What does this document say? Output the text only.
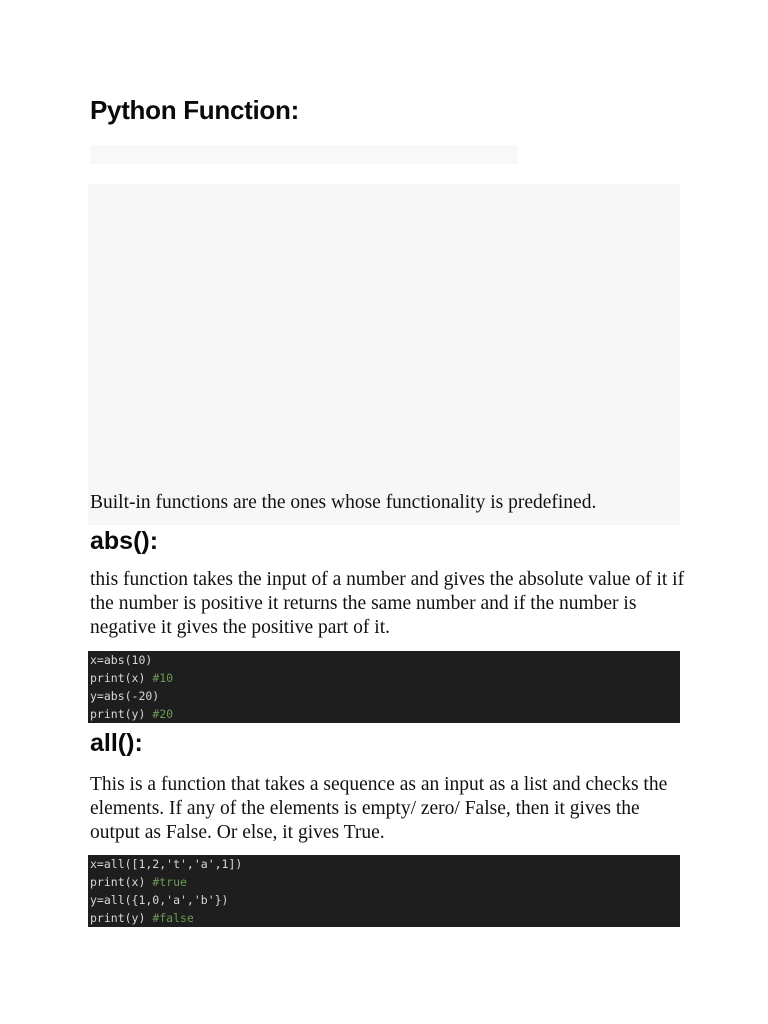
Python Function:

Built-in functions are the ones whose functionality is predefined.

abs():

this function takes the input of a number and gives the absolute value of it if the number is positive it returns the same number and if the number is negative it gives the positive part of it.

x=abs(10)
print(x) #10
y=abs(-20)
print(y) #20
all():

This is a function that takes a sequence as an input as a list and checks the elements. If any of the elements is empty/ zero/ False, then it gives the output as False. Or else, it gives True.

x=all([1,2,'t','a',1])
print(x) #true
y=all({1,0,'a','b'})
print(y) #false
